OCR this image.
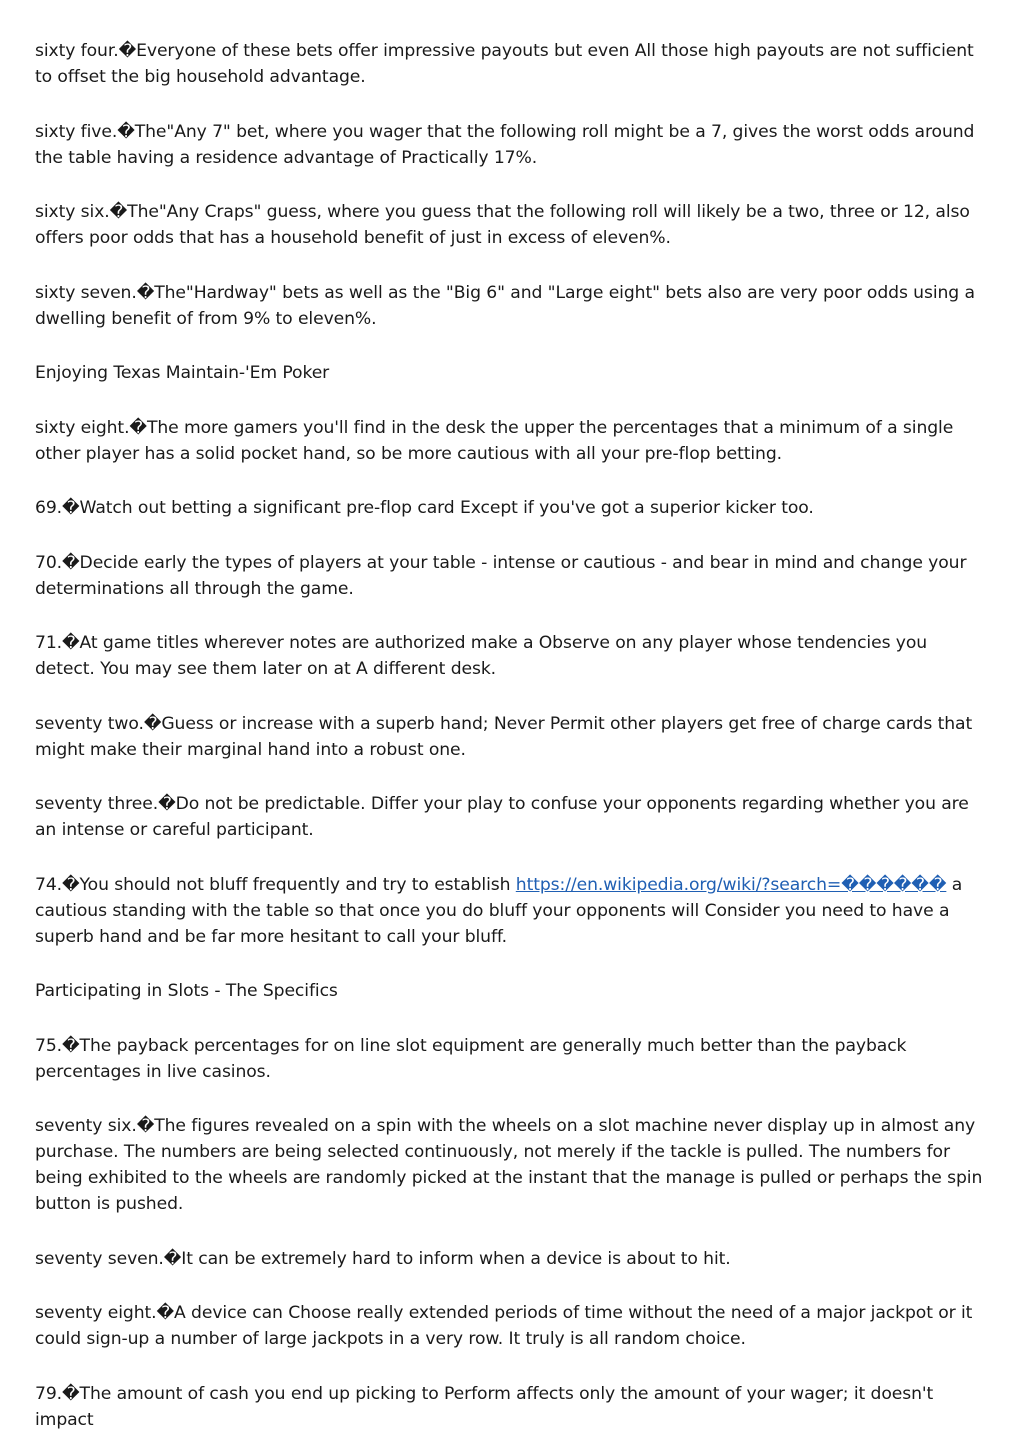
sixty four.�Everyone of these bets offer impressive payouts but even All those high payouts are not sufficient to offset the big household advantage.

sixty five.�The"Any 7" bet, where you wager that the following roll might be a 7, gives the worst odds around the table having a residence advantage of Practically 17%.

sixty six.�The"Any Craps" guess, where you guess that the following roll will likely be a two, three or 12, also offers poor odds that has a household benefit of just in excess of eleven%.

sixty seven.�The"Hardway" bets as well as the "Big 6" and "Large eight" bets also are very poor odds using a dwelling benefit of from 9% to eleven%.

Enjoying Texas Maintain-'Em Poker

sixty eight.�The more gamers you'll find in the desk the upper the percentages that a minimum of a single other player has a solid pocket hand, so be more cautious with all your pre-flop betting.

69.�Watch out betting a significant pre-flop card Except if you've got a superior kicker too.

70.�Decide early the types of players at your table - intense or cautious - and bear in mind and change your determinations all through the game.

71.�At game titles wherever notes are authorized make a Observe on any player whose tendencies you detect. You may see them later on at A different desk.

seventy two.�Guess or increase with a superb hand; Never Permit other players get free of charge cards that might make their marginal hand into a robust one.

seventy three.�Do not be predictable. Differ your play to confuse your opponents regarding whether you are an intense or careful participant.

74.�You should not bluff frequently and try to establish https://en.wikipedia.org/wiki/?search=������ a cautious standing with the table so that once you do bluff your opponents will Consider you need to have a superb hand and be far more hesitant to call your bluff.

Participating in Slots - The Specifics

75.�The payback percentages for on line slot equipment are generally much better than the payback percentages in live casinos.

seventy six.�The figures revealed on a spin with the wheels on a slot machine never display up in almost any purchase. The numbers are being selected continuously, not merely if the tackle is pulled. The numbers for being exhibited to the wheels are randomly picked at the instant that the manage is pulled or perhaps the spin button is pushed.

seventy seven.�It can be extremely hard to inform when a device is about to hit.

seventy eight.�A device can Choose really extended periods of time without the need of a major jackpot or it could sign-up a number of large jackpots in a very row. It truly is all random choice.

79.�The amount of cash you end up picking to Perform affects only the amount of your wager; it doesn't impact
